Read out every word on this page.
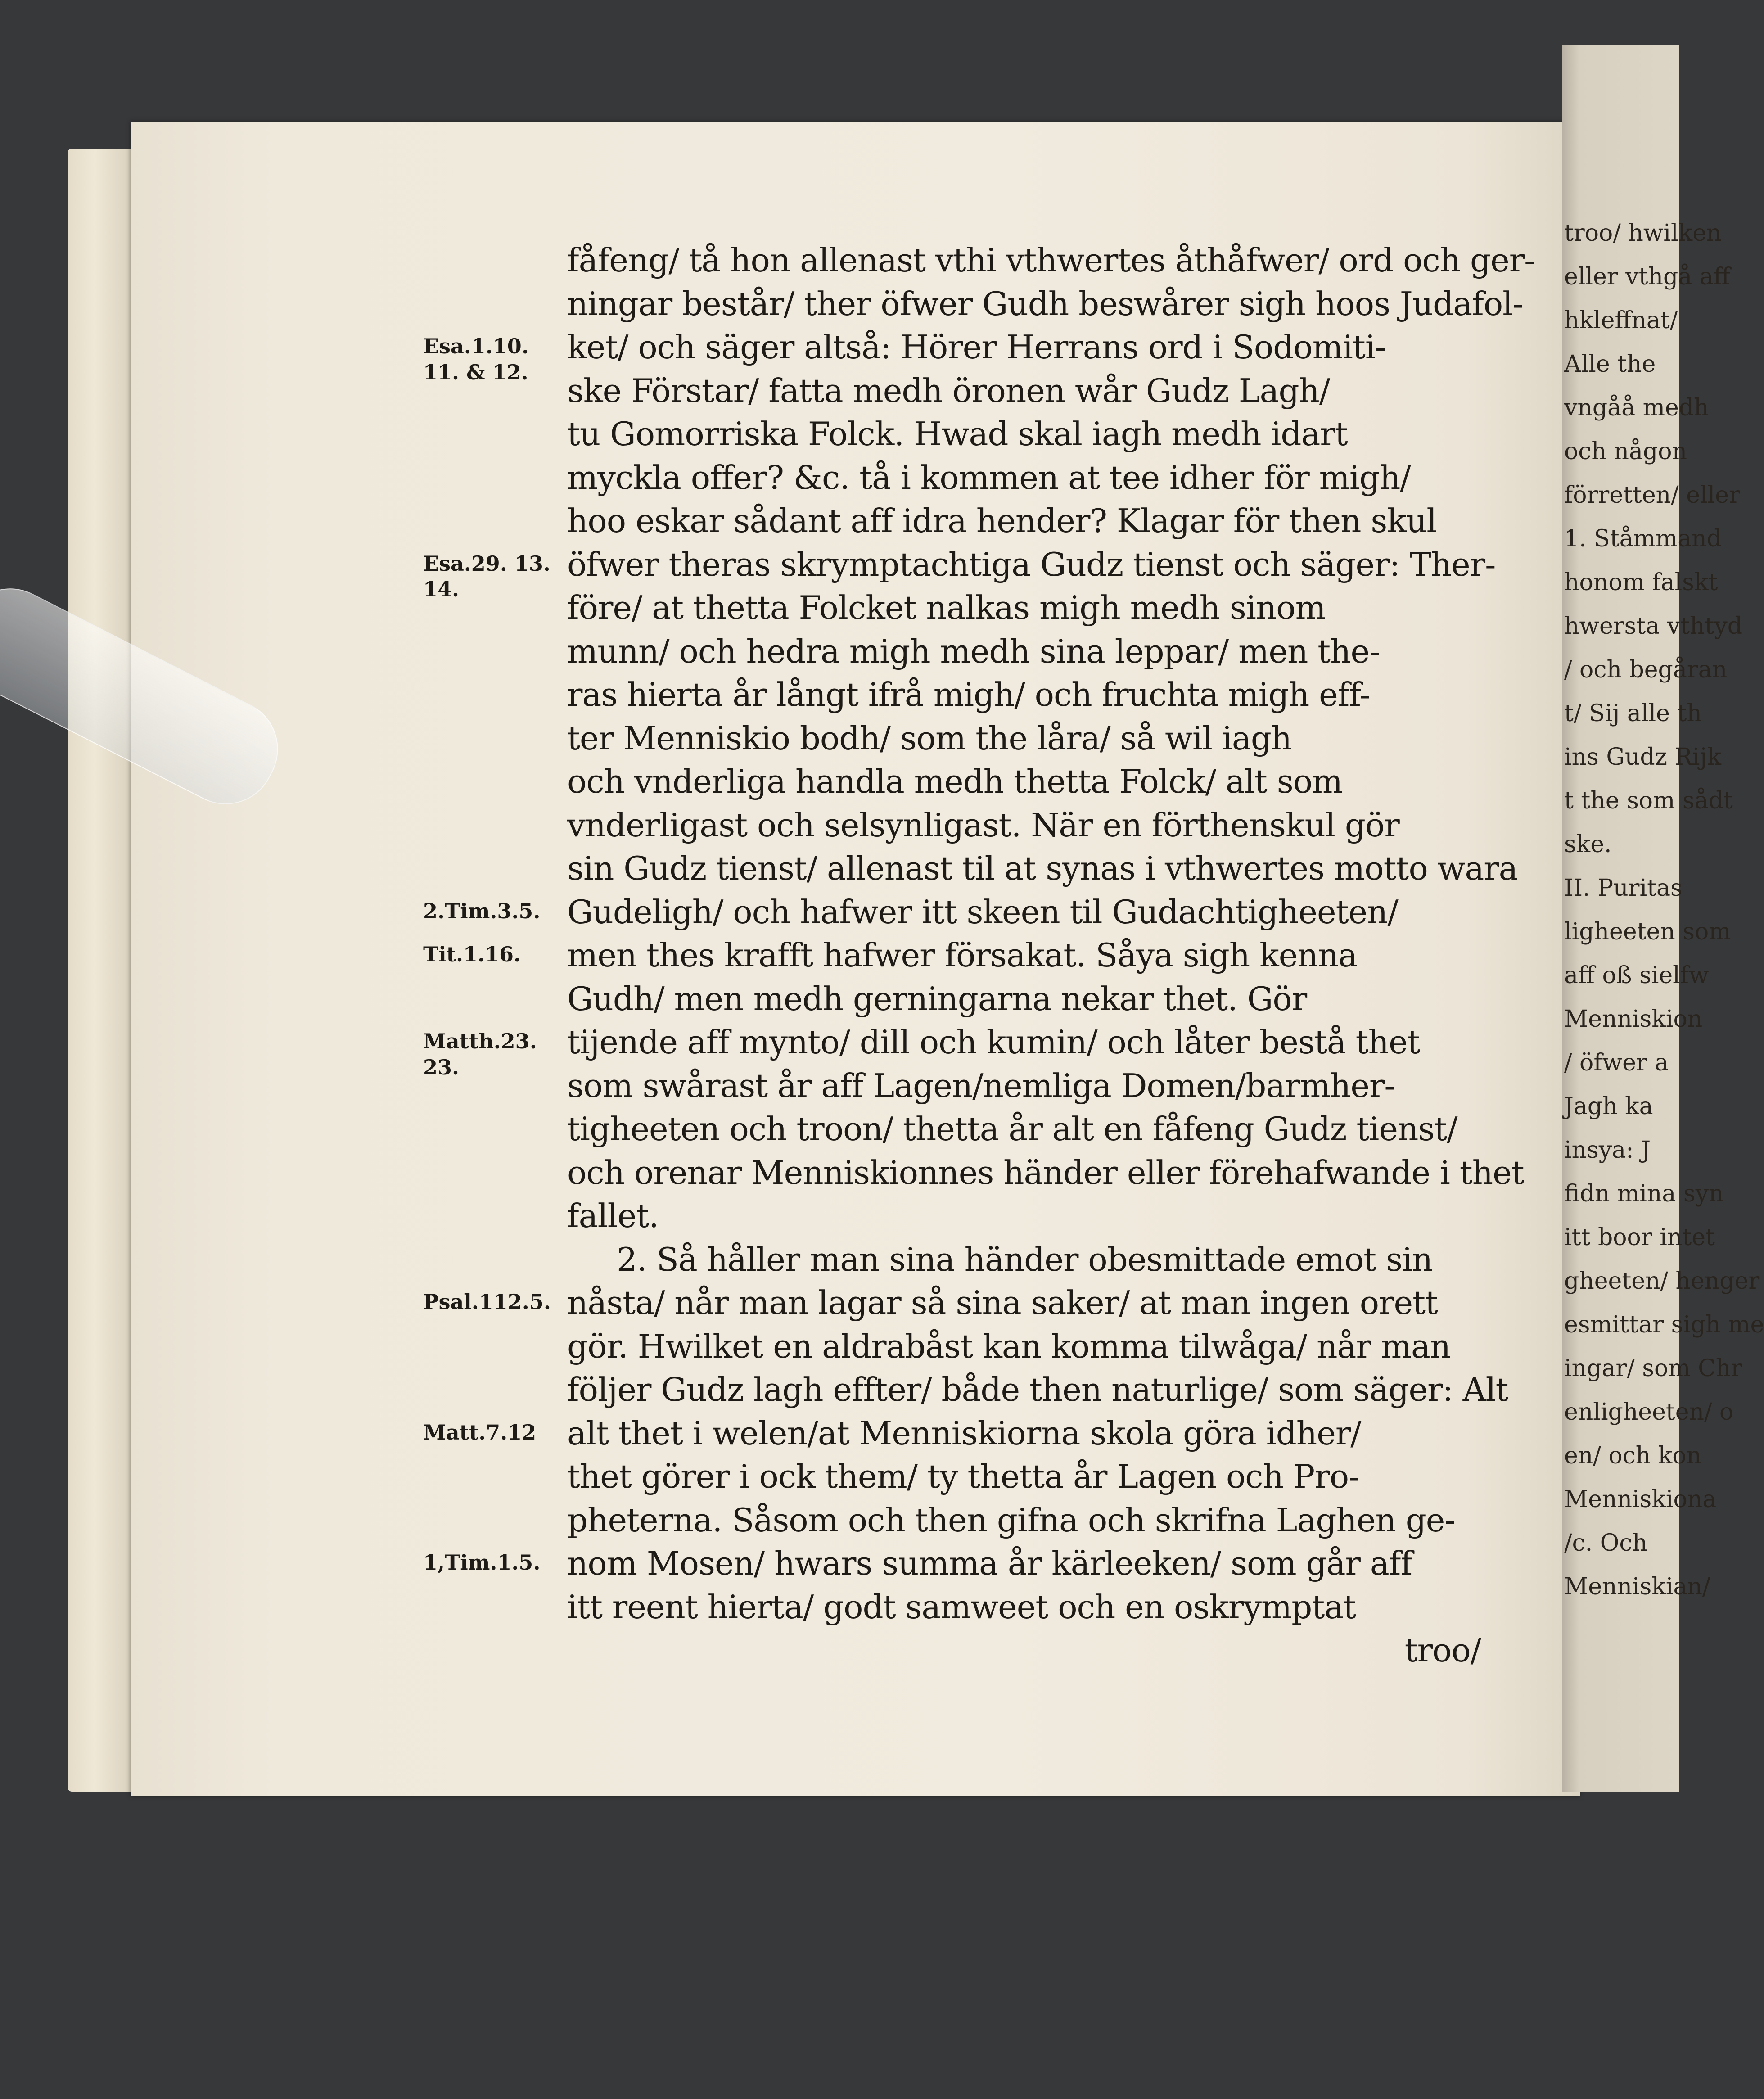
fåfeng/ tå hon allenast vthi vthwertes åthåfwer/ ord och ger-
ningar består/ ther öfwer Gudh beswårer sigh hoos Judafol-
ket/ och säger altså: Hörer Herrans ord i Sodomiti-
ske Förstar/ fatta medh öronen wår Gudz Lagh/
tu Gomorriska Folck. Hwad skal iagh medh idart
myckla offer? &c. tå i kommen at tee idher för migh/
hoo eskar sådant aff idra hender? Klagar för then skul
öfwer theras skrymptachtiga Gudz tienst och säger: Ther-
före/ at thetta Folcket nalkas migh medh sinom
munn/ och hedra migh medh sina leppar/ men the-
ras hierta år långt ifrå migh/ och fruchta migh eff-
ter Menniskio bodh/ som the låra/ så wil iagh
och vnderliga handla medh thetta Folck/ alt som
vnderligast och selsynligast. När en förthenskul gör
sin Gudz tienst/ allenast til at synas i vthwertes motto wara
Gudeligh/ och hafwer itt skeen til Gudachtigheeten/
men thes krafft hafwer försakat. Såya sigh kenna
Gudh/ men medh gerningarna nekar thet. Gör
tijende aff mynto/ dill och kumin/ och låter bestå thet
som swårast år aff Lagen/nemliga Domen/barmher-
tigheeten och troon/ thetta år alt en fåfeng Gudz tienst/
och orenar Menniskionnes händer eller förehafwande i thet
fallet.
2. Så håller man sina händer obesmittade emot sin
nåsta/ når man lagar så sina saker/ at man ingen orett
gör. Hwilket en aldrabåst kan komma tilwåga/ når man
följer Gudz lagh effter/ både then naturlige/ som säger: Alt
alt thet i welen/at Menniskiorna skola göra idher/
thet görer i ock them/ ty thetta år Lagen och Pro-
pheterna. Såsom och then gifna och skrifna Laghen ge-
nom Mosen/ hwars summa år kärleeken/ som går aff
itt reent hierta/ godt samweet och en oskrymptat
troo/
Esa.1.10.
11. & 12.
Esa.29. 13.
14.
2.Tim.3.5.
Tit.1.16.
Matth.23.
23.
Psal.112.5.
Matt.7.12
1,Tim.1.5.
troo/ hwilken
eller vthgå aff
hkleffnat/
Alle the
vngåå medh
och någon
förretten/ eller
1. Ståmmand
honom falskt
hwersta vthtyd
/ och begåran
t/ Sij alle th
ins Gudz Rijk
t the som sådt
ske.
II. Puritas
ligheeten som
aff oß sielfw
Menniskion
/ öfwer a
Jagh ka
insya: J
fidn mina syn
itt boor intet
gheeten/ henger
esmittar sigh me
ingar/ som Chr
enligheeten/ o
en/ och kon
Menniskiona
/c. Och
Menniskian/
